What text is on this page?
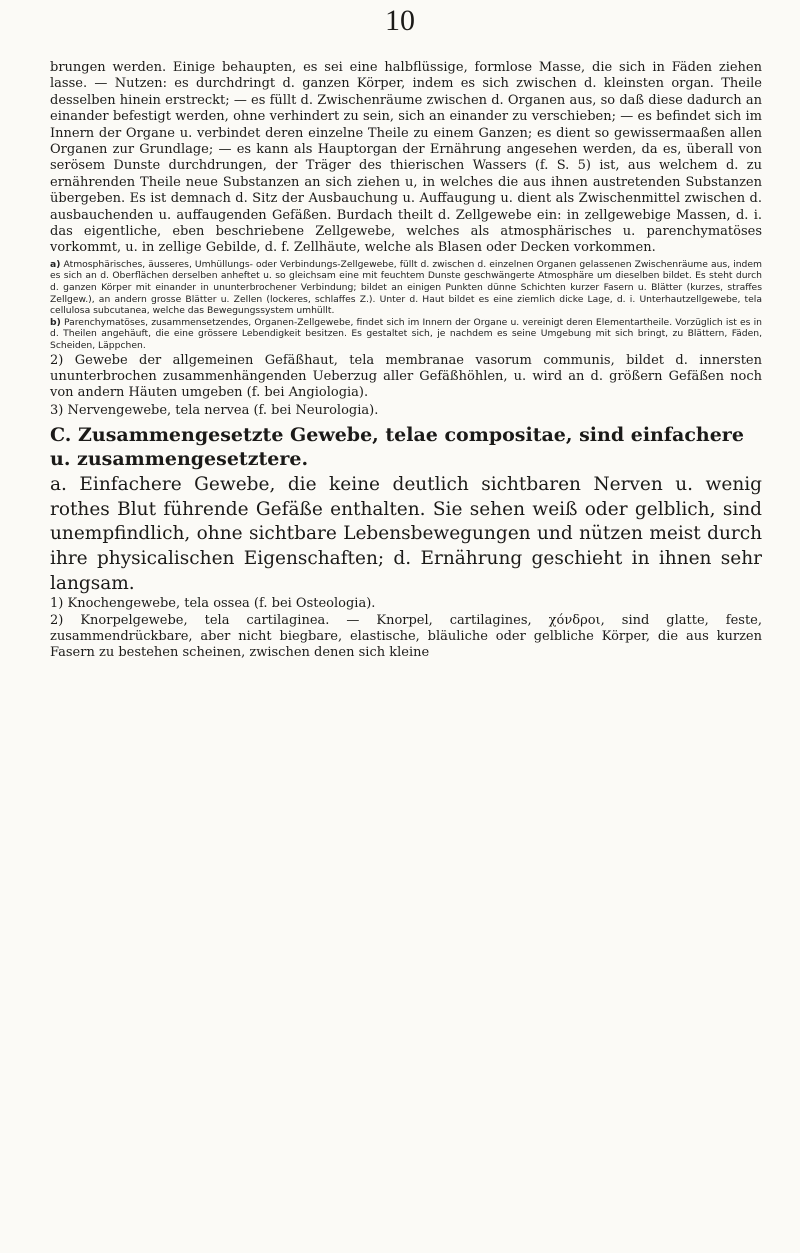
10

brungen werden. Einige behaupten, es sei eine halbflüssige, formlose Masse, die sich in Fäden ziehen lasse. — Nutzen: es durchdringt d. ganzen Körper, indem es sich zwischen d. kleinsten organ. Theile desselben hinein erstreckt; — es füllt d. Zwischenräume zwischen d. Organen aus, so daß diese dadurch an einander befestigt werden, ohne verhindert zu sein, sich an einander zu verschieben; — es befindet sich im Innern der Organe u. verbindet deren einzelne Theile zu einem Ganzen; es dient so gewissermaaßen allen Organen zur Grundlage; — es kann als Hauptorgan der Ernährung angesehen werden, da es, überall von serösem Dunste durchdrungen, der Träger des thierischen Wassers (f. S. 5) ist, aus welchem d. zu ernährenden Theile neue Substanzen an sich ziehen u, in welches die aus ihnen austretenden Substanzen übergeben. Es ist demnach d. Sitz der Ausbauchung u. Auffaugung u. dient als Zwischenmittel zwischen d. ausbauchenden u. auffaugenden Gefäßen. Burdach theilt d. Zellgewebe ein: in zellgewebige Massen, d. i. das eigentliche, eben beschriebene Zellgewebe, welches als atmosphärisches u. parenchymatöses vorkommt, u. in zellige Gebilde, d. f. Zellhäute, welche als Blasen oder Decken vorkommen.

a) Atmosphärisches, äusseres, Umhüllungs- oder Verbindungs-Zellgewebe, füllt d. zwischen d. einzelnen Organen gelassenen Zwischenräume aus, indem es sich an d. Oberflächen derselben anheftet u. so gleichsam eine mit feuchtem Dunste geschwängerte Atmosphäre um dieselben bildet. Es steht durch d. ganzen Körper mit einander in ununterbrochener Verbindung; bildet an einigen Punkten dünne Schichten kurzer Fasern u. Blätter (kurzes, straffes Zellgew.), an andern grosse Blätter u. Zellen (lockeres, schlaffes Z.). Unter d. Haut bildet es eine ziemlich dicke Lage, d. i. Unterhautzellgewebe, tela cellulosa subcutanea, welche das Bewegungssystem umhüllt.

b) Parenchymatöses, zusammensetzendes, Organen-Zellgewebe, findet sich im Innern der Organe u. vereinigt deren Elementartheile. Vorzüglich ist es in d. Theilen angehäuft, die eine grössere Lebendigkeit besitzen. Es gestaltet sich, je nachdem es seine Umgebung mit sich bringt, zu Blättern, Fäden, Scheiden, Läppchen.

2) Gewebe der allgemeinen Gefäßhaut, tela membranae vasorum communis, bildet d. innersten ununterbrochen zusammenhängenden Ueberzug aller Gefäßhöhlen, u. wird an d. größern Gefäßen noch von andern Häuten umgeben (f. bei Angiologia).

3) Nervengewebe, tela nervea (f. bei Neurologia).

C. Zusammengesetzte Gewebe, telae compositae, sind einfachere u. zusammengesetztere.

a. Einfachere Gewebe, die keine deutlich sichtbaren Nerven u. wenig rothes Blut führende Gefäße enthalten. Sie sehen weiß oder gelblich, sind unempfindlich, ohne sichtbare Lebensbewegungen und nützen meist durch ihre physicalischen Eigenschaften; d. Ernährung geschieht in ihnen sehr langsam.

1) Knochengewebe, tela ossea (f. bei Osteologia).

2) Knorpelgewebe, tela cartilaginea. — Knorpel, cartilagines, χόνδροι, sind glatte, feste, zusammendrückbare, aber nicht biegbare, elastische, bläuliche oder gelbliche Körper, die aus kurzen Fasern zu bestehen scheinen, zwischen denen sich kleine
